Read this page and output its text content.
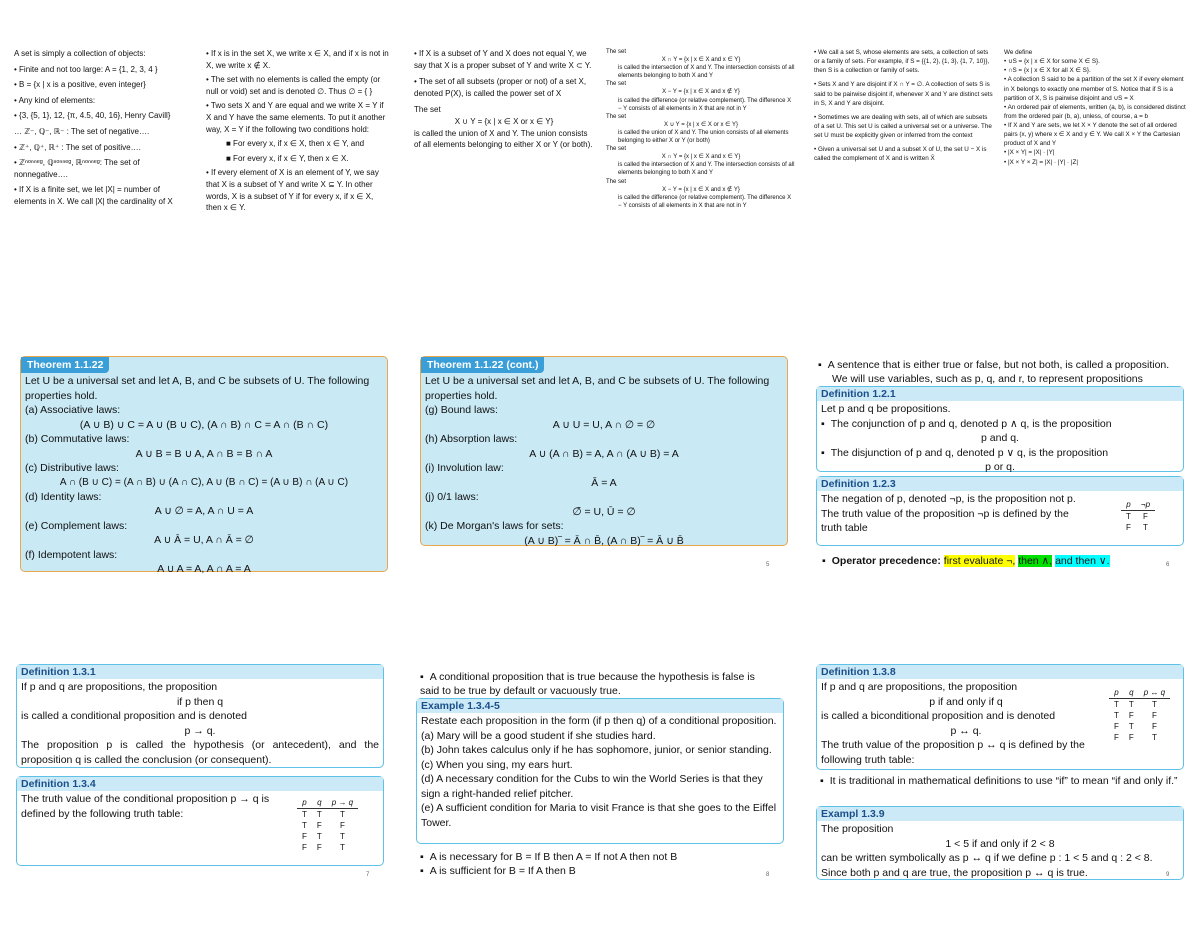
A set is simply a collection of objects:
• Finite and not too large: A = {1, 2, 3, 4 }
• B = {x | x is a positive, even integer}
• Any kind of elements:
• {3, {5, 1}, 12, {π, 4.5, 40, 16}, Henry Cavill}
… ℤ⁻, ℚ⁻, ℝ⁻ : The set of negative….
• ℤ⁺, ℚ⁺, ℝ⁺ : The set of positive….
• ℤⁿᵒⁿⁿᵉᵍ, ℚⁿᵒⁿⁿᵉᵍ, ℝⁿᵒⁿⁿᵉᵍ: The set of nonnegative….
• If X is a finite set, we let |X| = number of elements in X. We call |X| the cardinality of X
• If x is in the set X, we write x ∈ X, and if x is not in X, we write x ∉ X.
• The set with no elements is called the empty (or null or void) set and is denoted ∅. Thus ∅ = { }
• Two sets X and Y are equal and we write X = Y if X and Y have the same elements. To put it another way, X = Y if the following two conditions hold:
■ For every x, if x ∈ X, then x ∈ Y, and
■ For every x, if x ∈ Y, then x ∈ X.
• If every element of X is an element of Y, we say that X is a subset of Y and write X ⊆ Y. In other words, X is a subset of Y if for every x, if x ∈ X, then x ∈ Y.
• If X is a subset of Y and X does not equal Y, we say that X is a proper subset of Y and write X ⊂ Y.
• The set of all subsets (proper or not) of a set X, denoted P(X), is called the power set of X
The set
X ∪ Y = {x | x ∈ X or x ∈ Y}
is called the union of X and Y. The union consists of all elements belonging to either X or Y (or both).
The set
X ∩ Y = {x | x ∈ X and x ∈ Y}
is called the intersection of X and Y. The intersection consists of all elements belonging to both X and Y
The set
X − Y = {x | x ∈ X and x ∉ Y}
is called the difference (or relative complement). The difference X − Y consists of all elements in X that are not in Y
The set
X ∪ Y = {x | x ∈ X or x ∈ Y}
is called the union of X and Y. The union consists of all elements belonging to either X or Y (or both)
The set
X ∩ Y = {x | x ∈ X and x ∈ Y}
is called the intersection of X and Y. The intersection consists of all elements belonging to both X and Y
The set
X − Y = {x | x ∈ X and x ∉ Y}
is called the difference (or relative complement). The difference X − Y consists of all elements in X that are not in Y
• We call a set S, whose elements are sets, a collection of sets or a family of sets. For example, if S = {{1, 2}, {1, 3}, {1, 7, 10}}, then S is a collection or family of sets.
• Sets X and Y are disjoint if X ∩ Y = ∅. A collection of sets S is said to be pairwise disjoint if, whenever X and Y are distinct sets in S, X and Y are disjoint.
• Sometimes we are dealing with sets, all of which are subsets of a set U. This set U is called a universal set or a universe. The set U must be explicitly given or inferred from the context
• Given a universal set U and a subset X of U, the set U − X is called the complement of X and is written X̄
We define
• ∪S = {x | x ∈ X for some X ∈ S}.
• ∩S = {x | x ∈ X for all X ∈ S}.
• A collection S said to be a partition of the set X if every element in X belongs to exactly one member of S. Notice that if S is a partition of X, S is pairwise disjoint and ∪S = X
• An ordered pair of elements, written (a, b), is considered distinct from the ordered pair (b, a), unless, of course, a = b
• If X and Y are sets, we let X × Y denote the set of all ordered pairs (x, y) where x ∈ X and y ∈ Y. We call X × Y the Cartesian product of X and Y
• |X × Y| = |X| · |Y|
• |X × Y × Z| = |X| · |Y| · |Z|
Theorem 1.1.22
Let U be a universal set and let A, B, and C be subsets of U. The following properties hold.
(a) Associative laws:
(A ∪ B) ∪ C = A ∪ (B ∪ C), (A ∩ B) ∩ C = A ∩ (B ∩ C)
(b) Commutative laws:
A ∪ B = B ∪ A, A ∩ B = B ∩ A
(c) Distributive laws:
A ∩ (B ∪ C) = (A ∩ B) ∪ (A ∩ C), A ∪ (B ∩ C) = (A ∪ B) ∩ (A ∪ C)
(d) Identity laws:
A ∪ ∅ = A, A ∩ U = A
(e) Complement laws:
A ∪ Ā = U, A ∩ Ā = ∅
(f) Idempotent laws:
A ∪ A = A, A ∩ A = A
Theorem 1.1.22 (cont.)
Let U be a universal set and let A, B, and C be subsets of U. The following properties hold.
(g) Bound laws:
A ∪ U = U, A ∩ ∅ = ∅
(h) Absorption laws:
A ∪ (A ∩ B) = A, A ∩ (A ∪ B) = A
(i) Involution law:
Ā̄ = A
(j) 0/1 laws:
∅̄ = U, Ū = ∅
(k) De Morgan's laws for sets:
(A ∪ B)‾ = Ā ∩ B̄, (A ∩ B)‾ = Ā ∪ B̄
5
▪ A sentence that is either true or false, but not both, is called a proposition.
We will use variables, such as p, q, and r, to represent propositions
Definition 1.2.1
Let p and q be propositions.
▪ The conjunction of p and q, denoted p ∧ q, is the proposition
p and q.
▪ The disjunction of p and q, denoted p ∨ q, is the proposition
p or q.
Definition 1.2.3
The negation of p, denoted ¬p, is the proposition not p.
The truth value of the proposition ¬p is defined by the truth table
p	¬p
T	F
F	T
▪ Operator precedence: first evaluate ¬, then ∧, and then ∨.	6
Definition 1.3.1
If p and q are propositions, the proposition
if p then q
is called a conditional proposition and is denoted
p → q.
The proposition p is called the hypothesis (or antecedent), and the proposition q is called the conclusion (or consequent).
Definition 1.3.4
The truth value of the conditional proposition p → q is defined by the following truth table:
p	q	p → q
T	T	T
T	F	F
F	T	T
F	F	T
7
▪ A conditional proposition that is true because the hypothesis is false is said to be true by default or vacuously true.
Example 1.3.4-5
Restate each proposition in the form (if p then q) of a conditional proposition.
(a) Mary will be a good student if she studies hard.
(b) John takes calculus only if he has sophomore, junior, or senior standing.
(c) When you sing, my ears hurt.
(d) A necessary condition for the Cubs to win the World Series is that they sign a right-handed relief pitcher.
(e) A sufficient condition for Maria to visit France is that she goes to the Eiffel Tower.
▪ A is necessary for B = If B then A = If not A then not B
▪ A is sufficient for B = If A then B	8
Definition 1.3.8
If p and q are propositions, the proposition
p if and only if q
is called a biconditional proposition and is denoted
p ↔ q.
The truth value of the proposition p ↔ q is defined by the following truth table:
p	q	p ↔ q
T	T	T
T	F	F
F	T	F
F	F	T
▪ It is traditional in mathematical definitions to use “if” to mean “if and only if.”
Exampl 1.3.9
The proposition
1 < 5 if and only if 2 < 8
can be written symbolically as p ↔ q if we define p : 1 < 5 and q : 2 < 8.
Since both p and q are true, the proposition p ↔ q is true.	9
